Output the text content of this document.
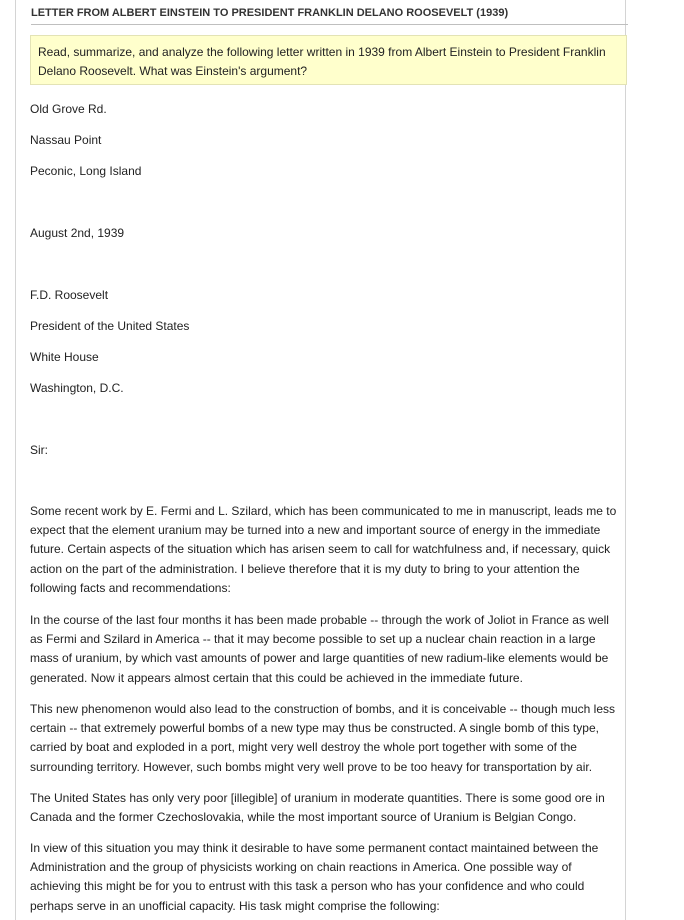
LETTER FROM ALBERT EINSTEIN TO PRESIDENT FRANKLIN DELANO ROOSEVELT (1939)
Read, summarize, and analyze the following letter written in 1939 from Albert Einstein to President Franklin Delano Roosevelt. What was Einstein's argument?
Old Grove Rd.
Nassau Point
Peconic, Long Island
August 2nd, 1939
F.D. Roosevelt
President of the United States
White House
Washington, D.C.
Sir:
Some recent work by E. Fermi and L. Szilard, which has been communicated to me in manuscript, leads me to expect that the element uranium may be turned into a new and important source of energy in the immediate future. Certain aspects of the situation which has arisen seem to call for watchfulness and, if necessary, quick action on the part of the administration. I believe therefore that it is my duty to bring to your attention the following facts and recommendations:
In the course of the last four months it has been made probable -- through the work of Joliot in France as well as Fermi and Szilard in America -- that it may become possible to set up a nuclear chain reaction in a large mass of uranium, by which vast amounts of power and large quantities of new radium-like elements would be generated. Now it appears almost certain that this could be achieved in the immediate future.
This new phenomenon would also lead to the construction of bombs, and it is conceivable -- though much less certain -- that extremely powerful bombs of a new type may thus be constructed. A single bomb of this type, carried by boat and exploded in a port, might very well destroy the whole port together with some of the surrounding territory. However, such bombs might very well prove to be too heavy for transportation by air.
The United States has only very poor [illegible] of uranium in moderate quantities. There is some good ore in Canada and the former Czechoslovakia, while the most important source of Uranium is Belgian Congo.
In view of this situation you may think it desirable to have some permanent contact maintained between the Administration and the group of physicists working on chain reactions in America. One possible way of achieving this might be for you to entrust with this task a person who has your confidence and who could perhaps serve in an unofficial capacity. His task might comprise the following:
